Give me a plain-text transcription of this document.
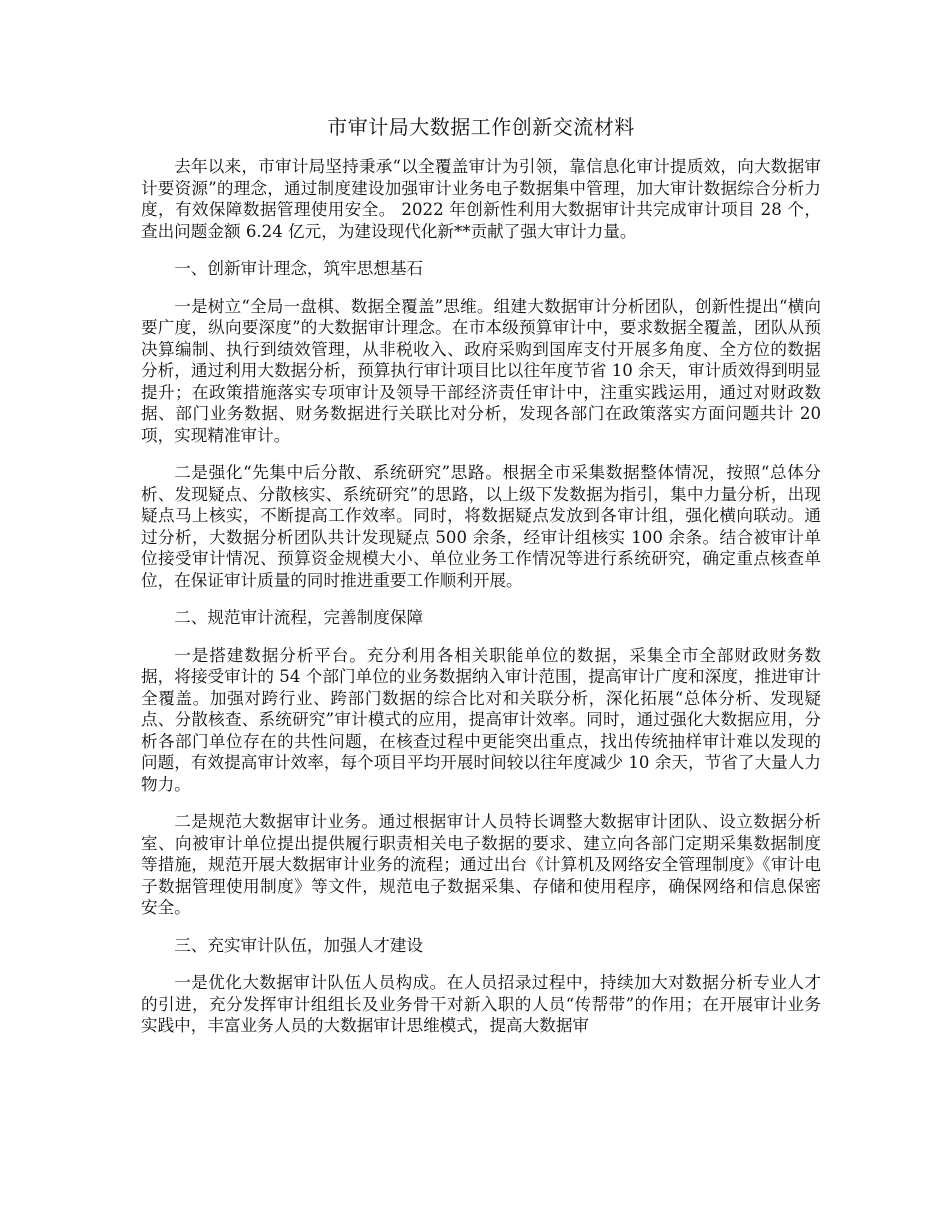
市审计局大数据工作创新交流材料

去年以来，市审计局坚持秉承“以全覆盖审计为引领，靠信息化审计提质效，向大数据审计要资源”的理念，通过制度建设加强审计业务电子数据集中管理，加大审计数据综合分析力度，有效保障数据管理使用安全。 2022 年创新性利用大数据审计共完成审计项目 28 个，查出问题金额 6.24 亿元，为建设现代化新**贡献了强大审计力量。

一、创新审计理念，筑牢思想基石

一是树立“全局一盘棋、数据全覆盖”思维。组建大数据审计分析团队，创新性提出“横向要广度，纵向要深度”的大数据审计理念。在市本级预算审计中，要求数据全覆盖，团队从预决算编制、执行到绩效管理，从非税收入、政府采购到国库支付开展多角度、全方位的数据分析，通过利用大数据分析，预算执行审计项目比以往年度节省 10 余天，审计质效得到明显提升；在政策措施落实专项审计及领导干部经济责任审计中，注重实践运用，通过对财政数据、部门业务数据、财务数据进行关联比对分析，发现各部门在政策落实方面问题共计 20 项，实现精准审计。

二是强化“先集中后分散、系统研究”思路。根据全市采集数据整体情况，按照“总体分析、发现疑点、分散核实、系统研究”的思路，以上级下发数据为指引，集中力量分析，出现疑点马上核实，不断提高工作效率。同时，将数据疑点发放到各审计组，强化横向联动。通过分析，大数据分析团队共计发现疑点 500 余条，经审计组核实 100 余条。结合被审计单位接受审计情况、预算资金规模大小、单位业务工作情况等进行系统研究，确定重点核查单位，在保证审计质量的同时推进重要工作顺利开展。

二、规范审计流程，完善制度保障

一是搭建数据分析平台。充分利用各相关职能单位的数据，采集全市全部财政财务数据，将接受审计的 54 个部门单位的业务数据纳入审计范围，提高审计广度和深度，推进审计全覆盖。加强对跨行业、跨部门数据的综合比对和关联分析，深化拓展“总体分析、发现疑点、分散核查、系统研究”审计模式的应用，提高审计效率。同时，通过强化大数据应用，分析各部门单位存在的共性问题，在核查过程中更能突出重点，找出传统抽样审计难以发现的问题，有效提高审计效率，每个项目平均开展时间较以往年度减少 10 余天，节省了大量人力物力。

二是规范大数据审计业务。通过根据审计人员特长调整大数据审计团队、设立数据分析室、向被审计单位提出提供履行职责相关电子数据的要求、建立向各部门定期采集数据制度等措施，规范开展大数据审计业务的流程；通过出台《计算机及网络安全管理制度》《审计电子数据管理使用制度》等文件，规范电子数据采集、存储和使用程序，确保网络和信息保密安全。

三、充实审计队伍，加强人才建设

一是优化大数据审计队伍人员构成。在人员招录过程中，持续加大对数据分析专业人才的引进，充分发挥审计组组长及业务骨干对新入职的人员“传帮带”的作用；在开展审计业务实践中，丰富业务人员的大数据审计思维模式，提高大数据审
